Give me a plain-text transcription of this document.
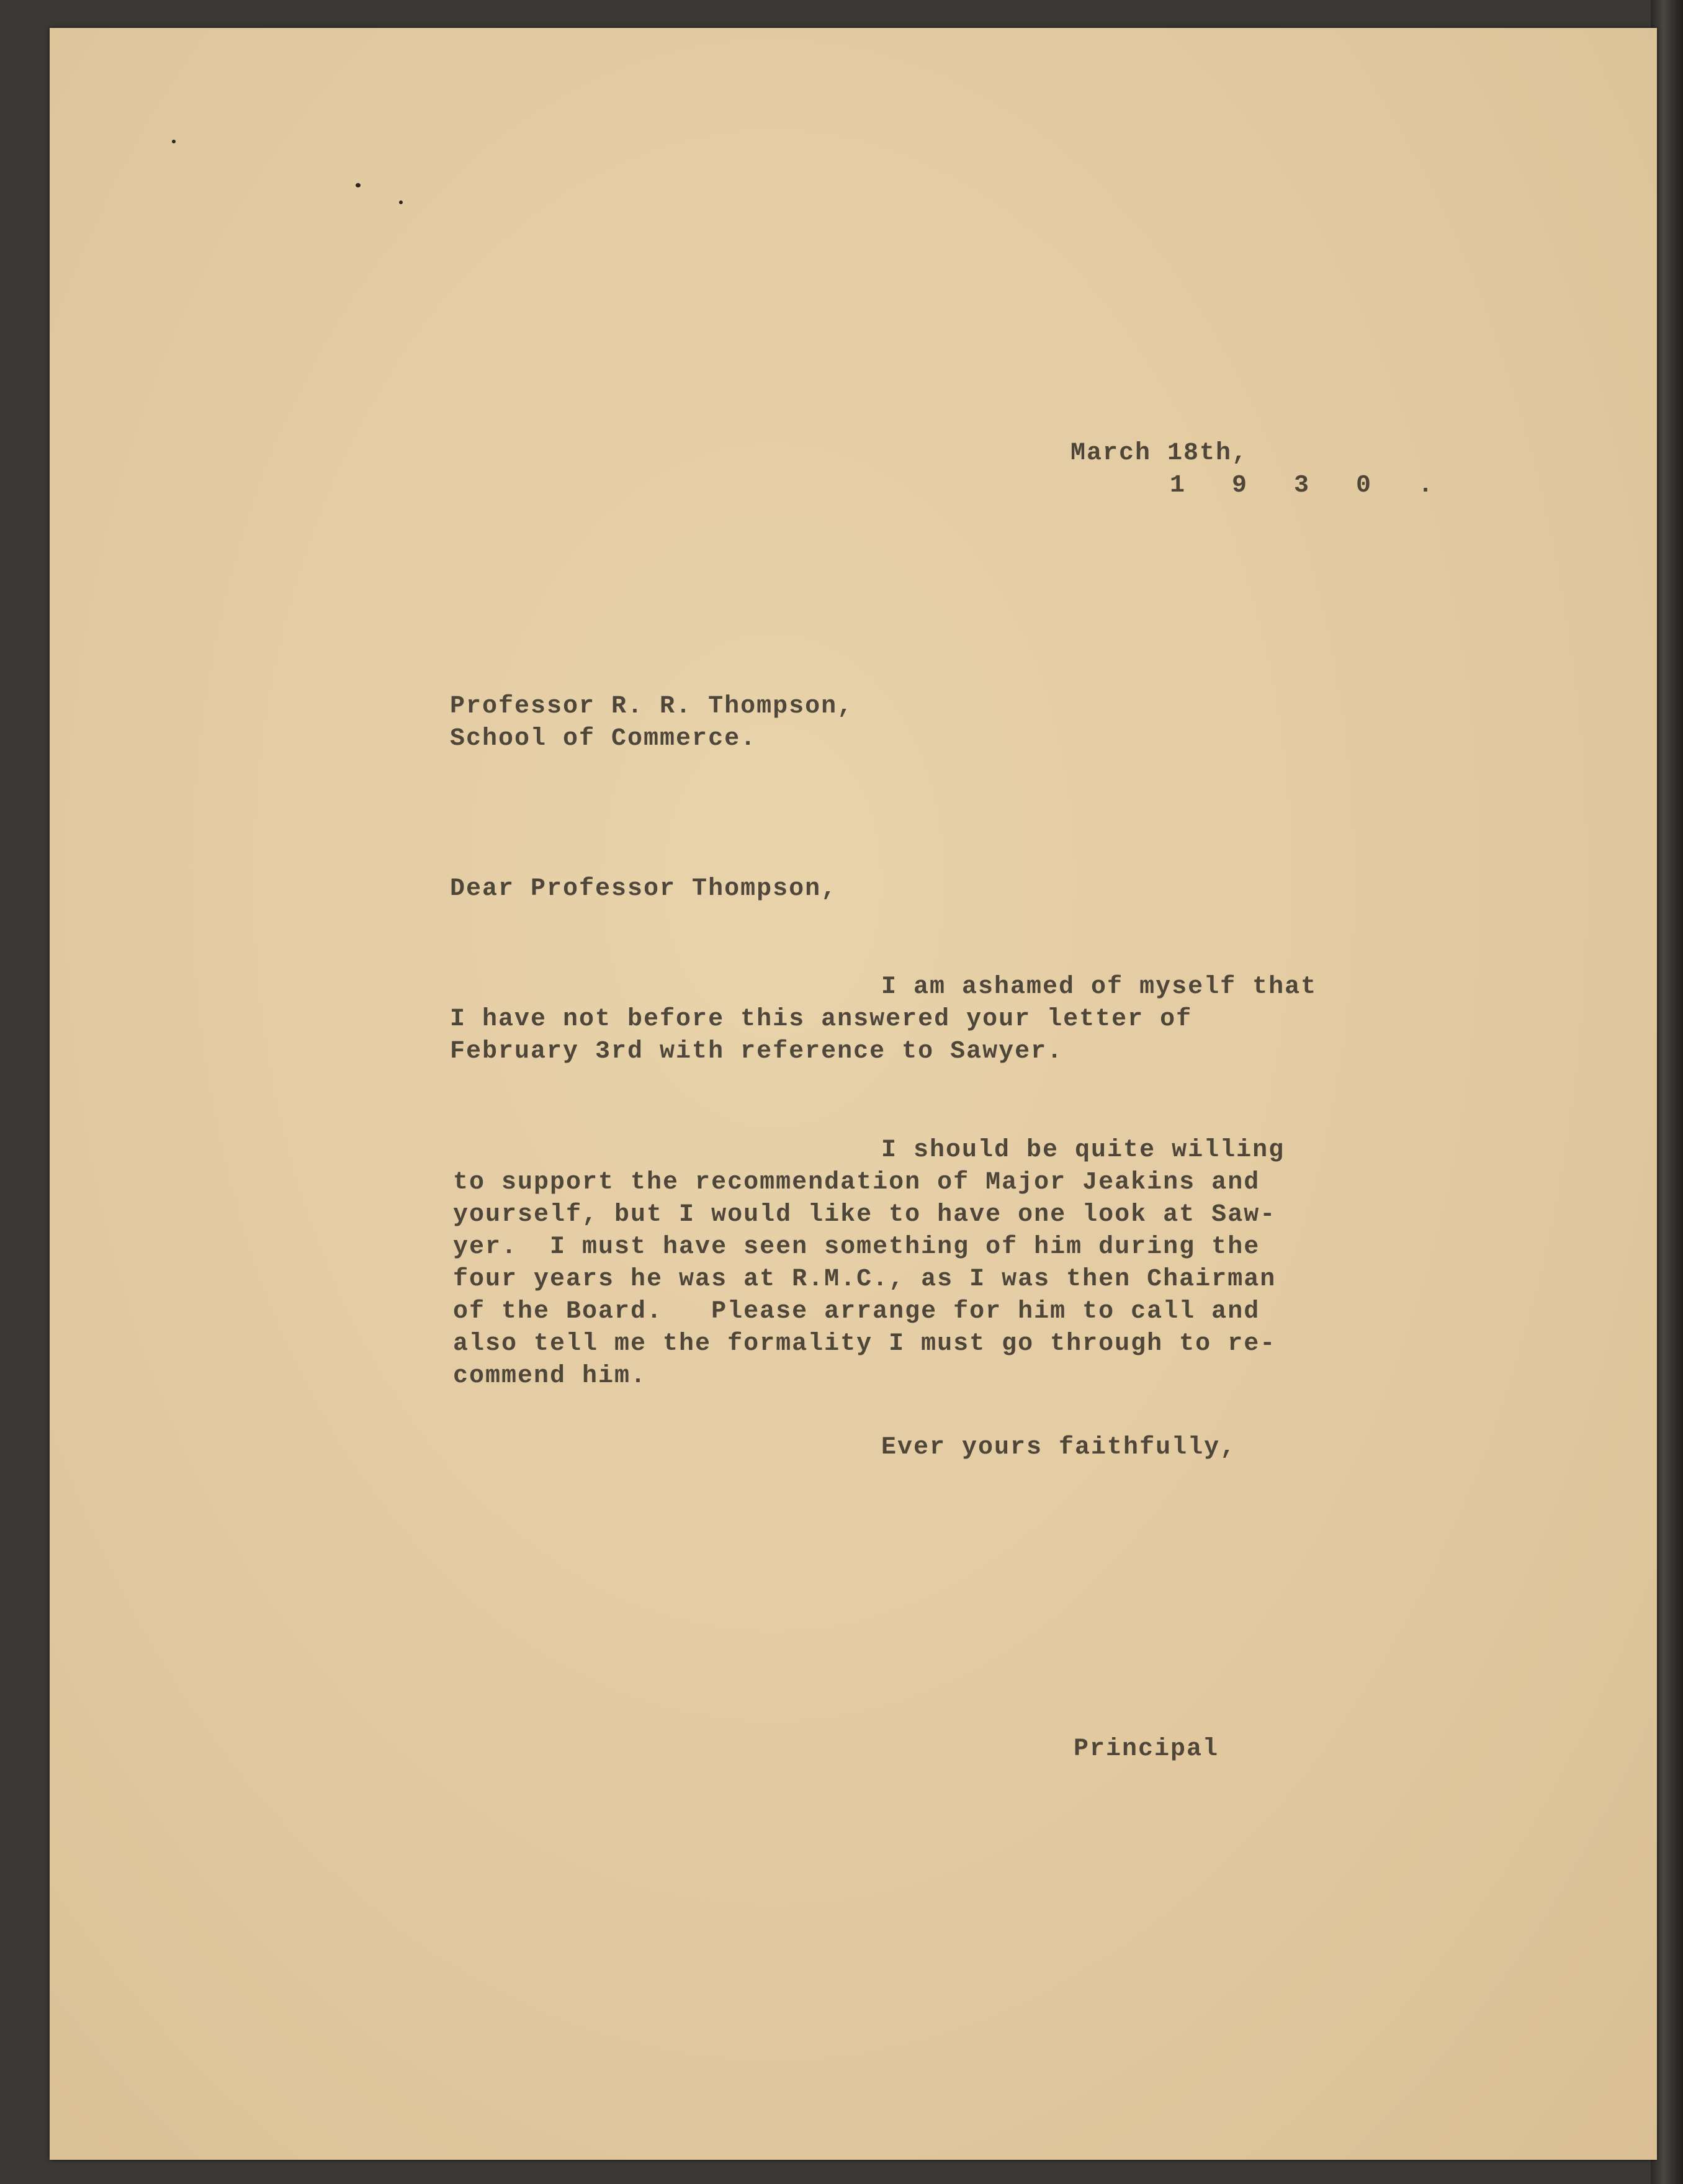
March 18th,

1 9 3 0 .

Professor R. R. Thompson,

School of Commerce.

Dear Professor Thompson,

I am ashamed of myself that

I have not before this answered your letter of

February 3rd with reference to Sawyer.

I should be quite willing

to support the recommendation of Major Jeakins and

yourself, but I would like to have one look at Saw-

yer.  I must have seen something of him during the

four years he was at R.M.C., as I was then Chairman

of the Board.   Please arrange for him to call and

also tell me the formality I must go through to re-

commend him.

Ever yours faithfully,

Principal
